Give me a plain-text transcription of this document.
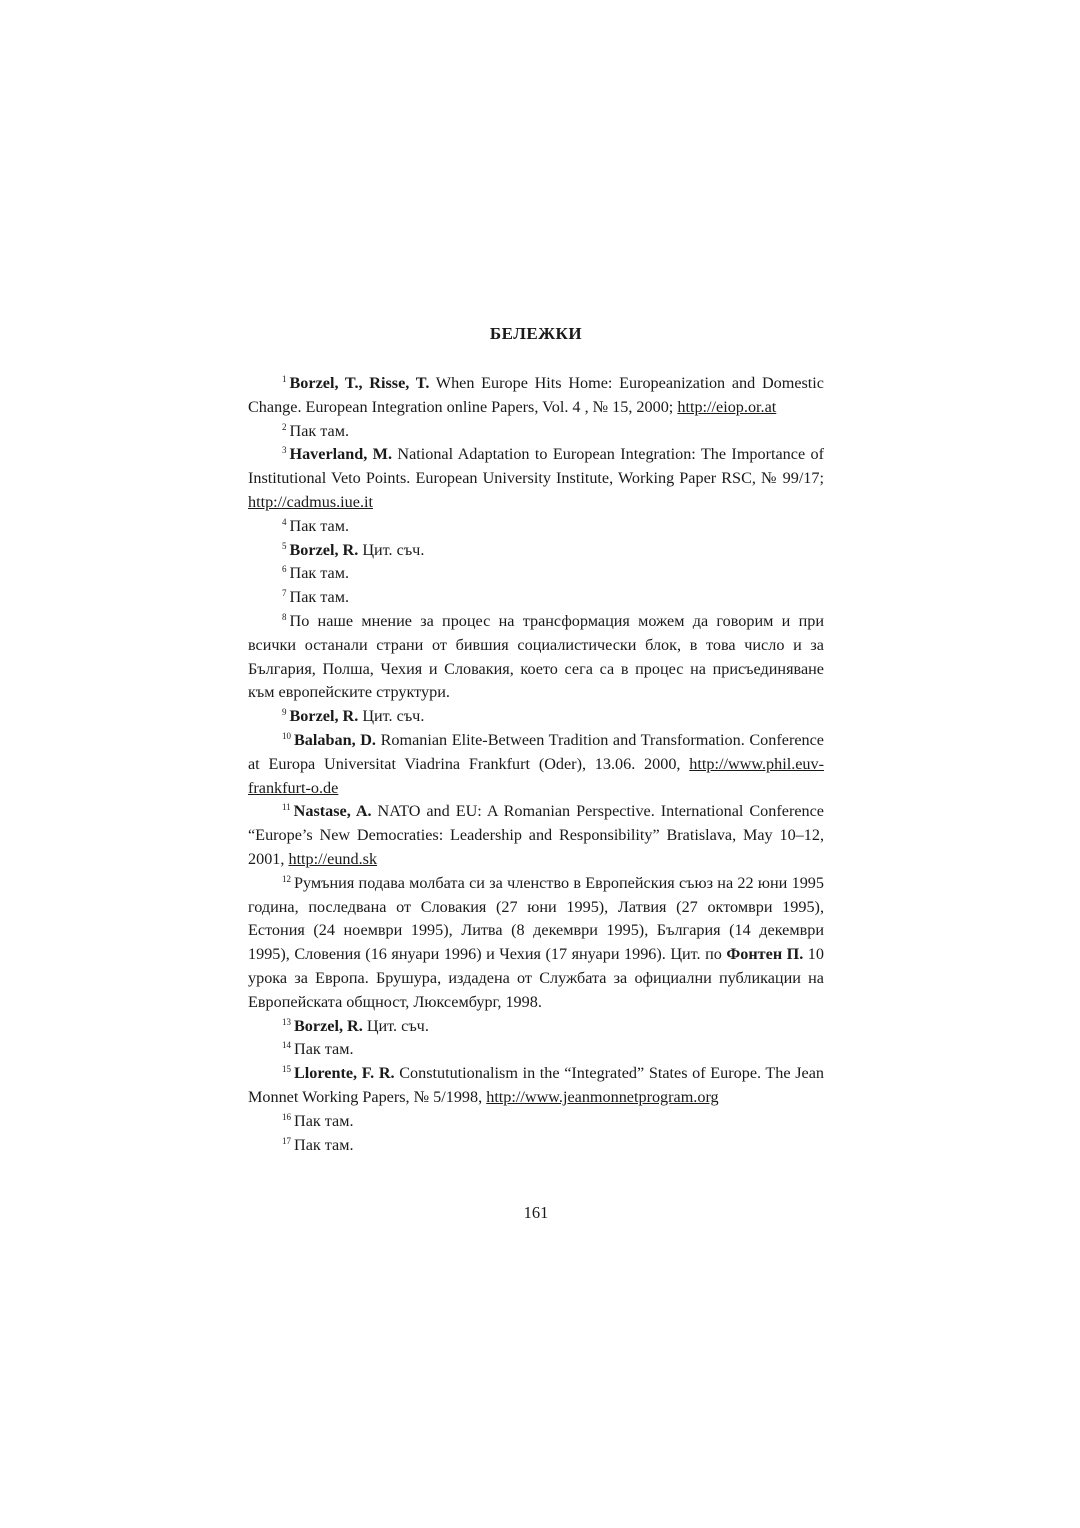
БЕЛЕЖКИ

$^1$ Borzel, T., Risse, T. When Europe Hits Home: Europeanization and Domestic Change. European Integration online Papers, Vol. 4 , № 15, 2000; http://eiop.or.at

$^2$ Пак там.

$^3$ Haverland, M. National Adaptation to European Integration: The Importance of Institutional Veto Points. European University Institute, Working Paper RSC, № 99/17; http://cadmus.iue.it

$^4$ Пак там.

$^5$ Borzel, R. Цит. съч.

$^6$ Пак там.

$^7$ Пак там.

$^8$ По наше мнение за процес на трансформация можем да говорим и при всички останали страни от бившия социалистически блок, в това число и за България, Полша, Чехия и Словакия, което сега са в процес на присъединяване към европейските структури.

$^9$ Borzel, R. Цит. съч.

$^{10}$ Balaban, D. Romanian Elite-Between Tradition and Transformation. Conference at Europa Universitat Viadrina Frankfurt (Oder), 13.06. 2000, http://www.phil.euv-frankfurt-o.de

$^{11}$ Nastase, A. NATO and EU: A Romanian Perspective. International Conference “Europe’s New Democraties: Leadership and Responsibility” Bratislava, May 10–12, 2001, http://eund.sk

$^{12}$ Румъния подава молбата си за членство в Европейския съюз на 22 юни 1995 година, последвана от Словакия (27 юни 1995), Латвия (27 октомври 1995), Естония (24 ноември 1995), Литва (8 декември 1995), България (14 декември 1995), Словения (16 януари 1996) и Чехия (17 януари 1996). Цит. по Фонтен П. 10 урока за Европа. Брушура, издадена от Службата за официални публикации на Европейската общност, Люксембург, 1998.

$^{13}$ Borzel, R. Цит. съч.

$^{14}$ Пак там.

$^{15}$ Llorente, F. R. Constututionalism in the “Integrated” States of Europe. The Jean Monnet Working Papers, № 5/1998, http://www.jeanmonnetprogram.org

$^{16}$ Пак там.

$^{17}$ Пак там.

161
